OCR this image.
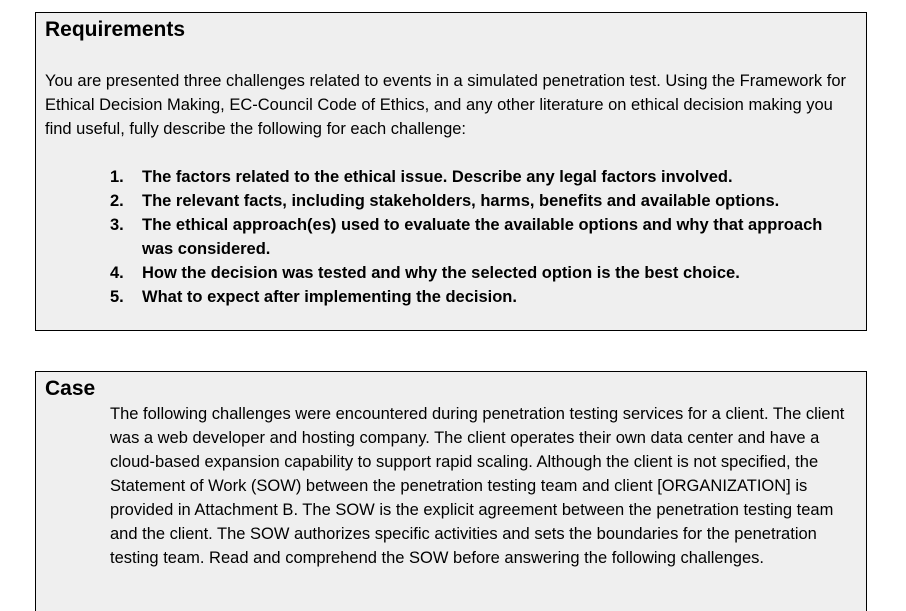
Requirements

You are presented three challenges related to events in a simulated penetration test. Using the Framework for Ethical Decision Making, EC-Council Code of Ethics, and any other literature on ethical decision making you find useful, fully describe the following for each challenge:

1. The factors related to the ethical issue. Describe any legal factors involved.
2. The relevant facts, including stakeholders, harms, benefits and available options.
3. The ethical approach(es) used to evaluate the available options and why that approach was considered.
4. How the decision was tested and why the selected option is the best choice.
5. What to expect after implementing the decision.
Case

The following challenges were encountered during penetration testing services for a client. The client was a web developer and hosting company. The client operates their own data center and have a cloud-based expansion capability to support rapid scaling. Although the client is not specified, the Statement of Work (SOW) between the penetration testing team and client [ORGANIZATION] is provided in Attachment B. The SOW is the explicit agreement between the penetration testing team and the client. The SOW authorizes specific activities and sets the boundaries for the penetration testing team. Read and comprehend the SOW before answering the following challenges.
